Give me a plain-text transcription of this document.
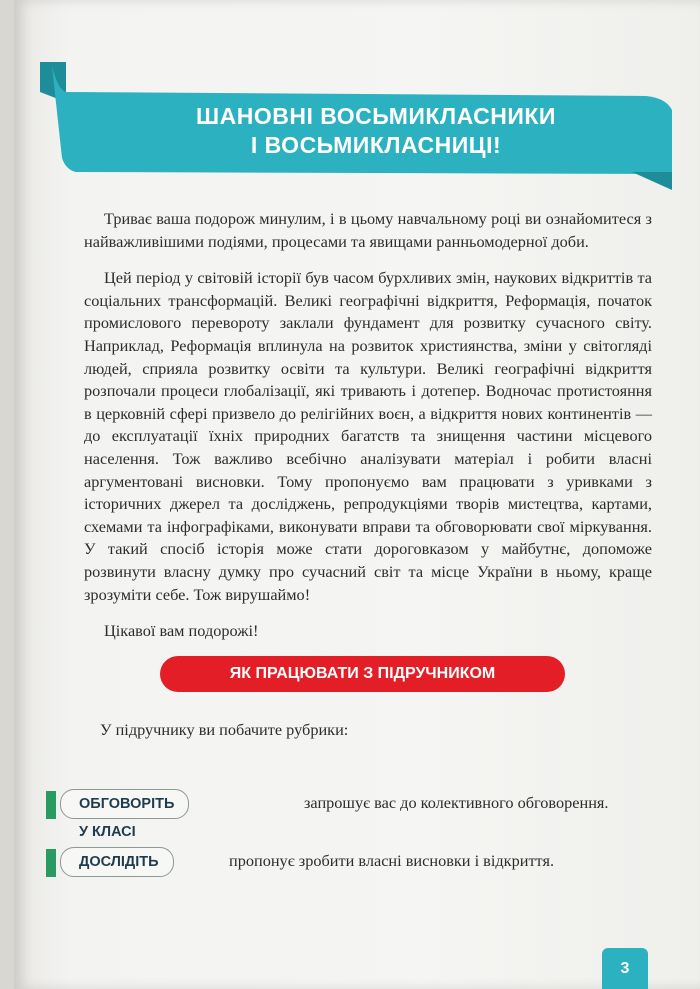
ШАНОВНІ ВОСЬМИКЛАСНИКИ
І ВОСЬМИКЛАСНИЦІ!

Триває ваша подорож минулим, і в цьому навчальному році ви ознайомитеся з найважливішими подіями, процесами та явищами ранньомодерної доби.

Цей період у світовій історії був часом бурхливих змін, наукових відкриттів та соціальних трансформацій. Великі географічні відкриття, Реформація, початок промислового перевороту заклали фундамент для розвитку сучасного світу. Наприклад, Реформація вплинула на розвиток християнства, зміни у світогляді людей, сприяла розвитку освіти та культури. Великі географічні відкриття розпочали процеси глобалізації, які тривають і дотепер. Водночас протистояння в церковній сфері призвело до релігійних воєн, а відкриття нових континентів — до експлуатації їхніх природних багатств та знищення частини місцевого населення. Тож важливо всебічно аналізувати матеріал і робити власні аргументовані висновки. Тому пропонуємо вам працювати з уривками з історичних джерел та досліджень, репродукціями творів мистецтва, картами, схемами та інфографіками, виконувати вправи та обговорювати свої міркування. У такий спосіб історія може стати дороговказом у майбутнє, допоможе розвинути власну думку про сучасний світ та місце України в ньому, краще зрозуміти себе. Тож вирушаймо!

Цікавої вам подорожі!

ЯК ПРАЦЮВАТИ З ПІДРУЧНИКОМ
У підручнику ви побачите рубрики:
ОБГОВОРІТЬ У КЛАСІ
запрошує вас до колективного обговорення.
ДОСЛІДІТЬ	пропонує зробити власні висновки і відкриття.
3
